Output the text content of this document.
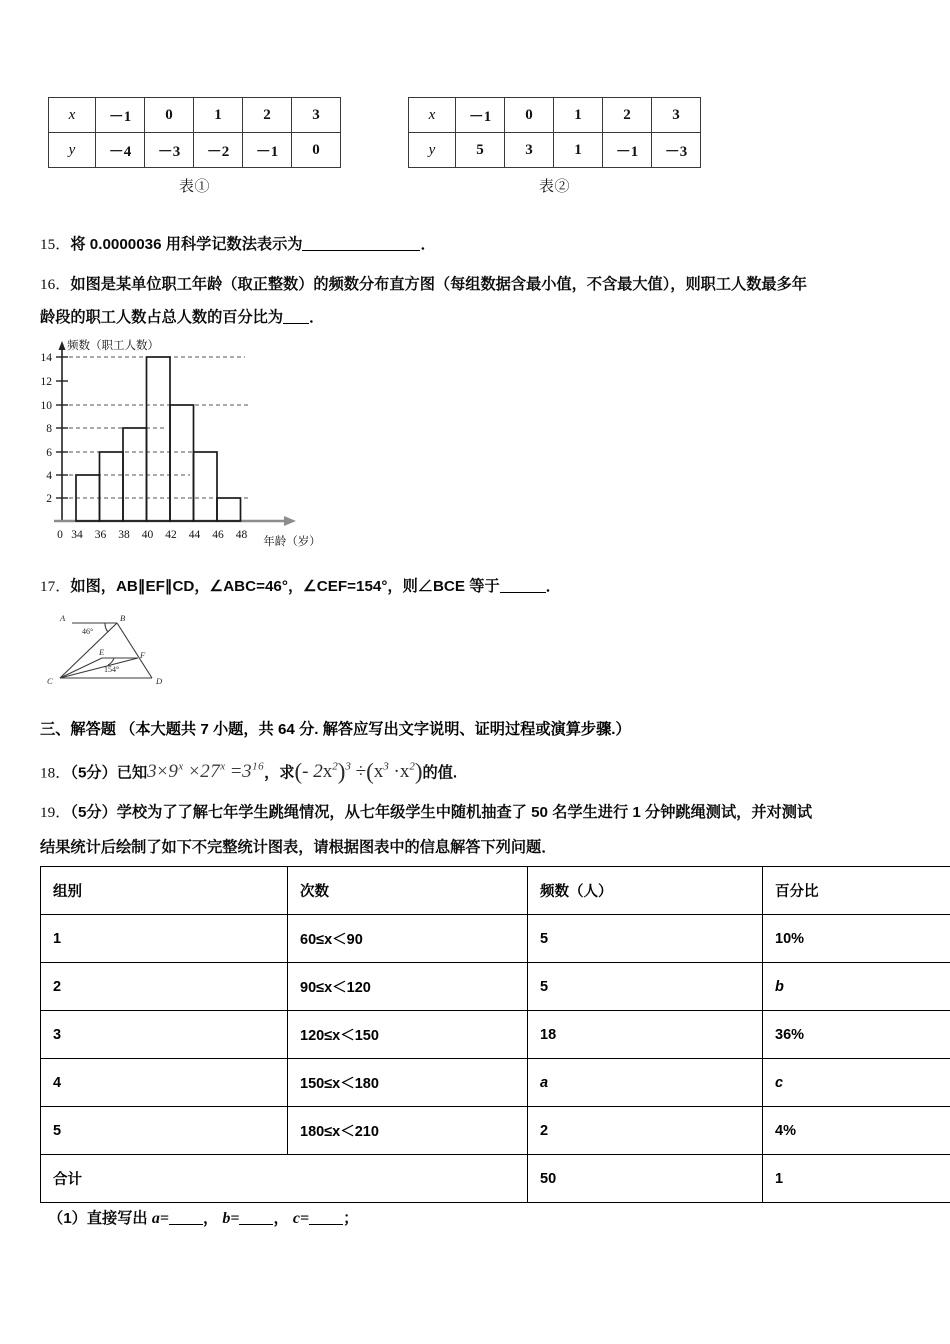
x	－1	0	1	2	3
y	－4	－3	－2	－1	0
表①
x	－1	0	1	2	3
y	5	3	1	－1	－3
表②
15．将 0.0000036 用科学记数法表示为	．
16．如图是某单位职工年龄（取正整数）的频数分布直方图（每组数据含最小值，不含最大值），则职工人数最多年
龄段的职工人数占总人数的百分比为 ．
14
12
10
8
6
4
2
0 34 36 38 40 42 44 46 48
频数（职工人数）
年龄（岁）
17．如图，AB∥EF∥CD，∠ABC=46°，∠CEF=154°，则∠BCE 等于	．
A	B
C	D
E	F
46°
154°
三、解答题 （本大题共 7 小题，共 64 分. 解答应写出文字说明、证明过程或演算步骤.）
18．（5分）已知$3\times 9^x \times 27^x =3^{16}$，求(- $2x^2)^3 \div(x^3 \cdot x^2)$的值.
19．（5分）学校为了了解七年学生跳绳情况，从七年级学生中随机抽查了 50 名学生进行 1 分钟跳绳测试，并对测试
结果统计后绘制了如下不完整统计图表，请根据图表中的信息解答下列问题．
组别	次数	频数（人）	百分比
1	60≤x＜90	5	10%
2	90≤x＜120	5	b
3	120≤x＜150	18	36%
4	150≤x＜180	a	c
5	180≤x＜210	2	4%
合计		50	1
（1）直接写出 a= ， b= ， c= ；
